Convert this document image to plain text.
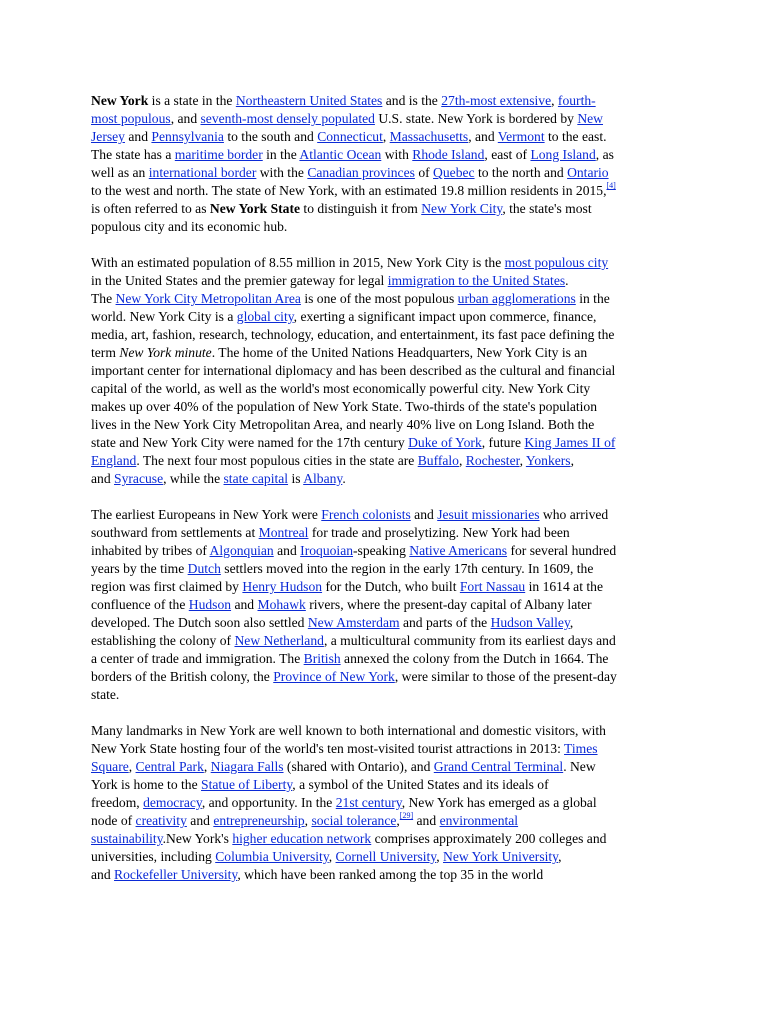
New York is a state in the Northeastern United States and is the 27th-most extensive, fourth-
most populous, and seventh-most densely populated U.S. state. New York is bordered by New
Jersey and Pennsylvania to the south and Connecticut, Massachusetts, and Vermont to the east.
The state has a maritime border in the Atlantic Ocean with Rhode Island, east of Long Island, as
well as an international border with the Canadian provinces of Quebec to the north and Ontario
to the west and north. The state of New York, with an estimated 19.8 million residents in 2015,[4]
is often referred to as New York State to distinguish it from New York City, the state's most
populous city and its economic hub.
With an estimated population of 8.55 million in 2015, New York City is the most populous city
in the United States and the premier gateway for legal immigration to the United States.
The New York City Metropolitan Area is one of the most populous urban agglomerations in the
world. New York City is a global city, exerting a significant impact upon commerce, finance,
media, art, fashion, research, technology, education, and entertainment, its fast pace defining the
term New York minute. The home of the United Nations Headquarters, New York City is an
important center for international diplomacy and has been described as the cultural and financial
capital of the world, as well as the world's most economically powerful city. New York City
makes up over 40% of the population of New York State. Two-thirds of the state's population
lives in the New York City Metropolitan Area, and nearly 40% live on Long Island. Both the
state and New York City were named for the 17th century Duke of York, future King James II of
England. The next four most populous cities in the state are Buffalo, Rochester, Yonkers,
and Syracuse, while the state capital is Albany.
The earliest Europeans in New York were French colonists and Jesuit missionaries who arrived
southward from settlements at Montreal for trade and proselytizing. New York had been
inhabited by tribes of Algonquian and Iroquoian-speaking Native Americans for several hundred
years by the time Dutch settlers moved into the region in the early 17th century. In 1609, the
region was first claimed by Henry Hudson for the Dutch, who built Fort Nassau in 1614 at the
confluence of the Hudson and Mohawk rivers, where the present-day capital of Albany later
developed. The Dutch soon also settled New Amsterdam and parts of the Hudson Valley,
establishing the colony of New Netherland, a multicultural community from its earliest days and
a center of trade and immigration. The British annexed the colony from the Dutch in 1664. The
borders of the British colony, the Province of New York, were similar to those of the present-day
state.
Many landmarks in New York are well known to both international and domestic visitors, with
New York State hosting four of the world's ten most-visited tourist attractions in 2013: Times
Square, Central Park, Niagara Falls (shared with Ontario), and Grand Central Terminal. New
York is home to the Statue of Liberty, a symbol of the United States and its ideals of
freedom, democracy, and opportunity. In the 21st century, New York has emerged as a global
node of creativity and entrepreneurship, social tolerance,[29] and environmental
sustainability.New York's higher education network comprises approximately 200 colleges and
universities, including Columbia University, Cornell University, New York University,
and Rockefeller University, which have been ranked among the top 35 in the world
